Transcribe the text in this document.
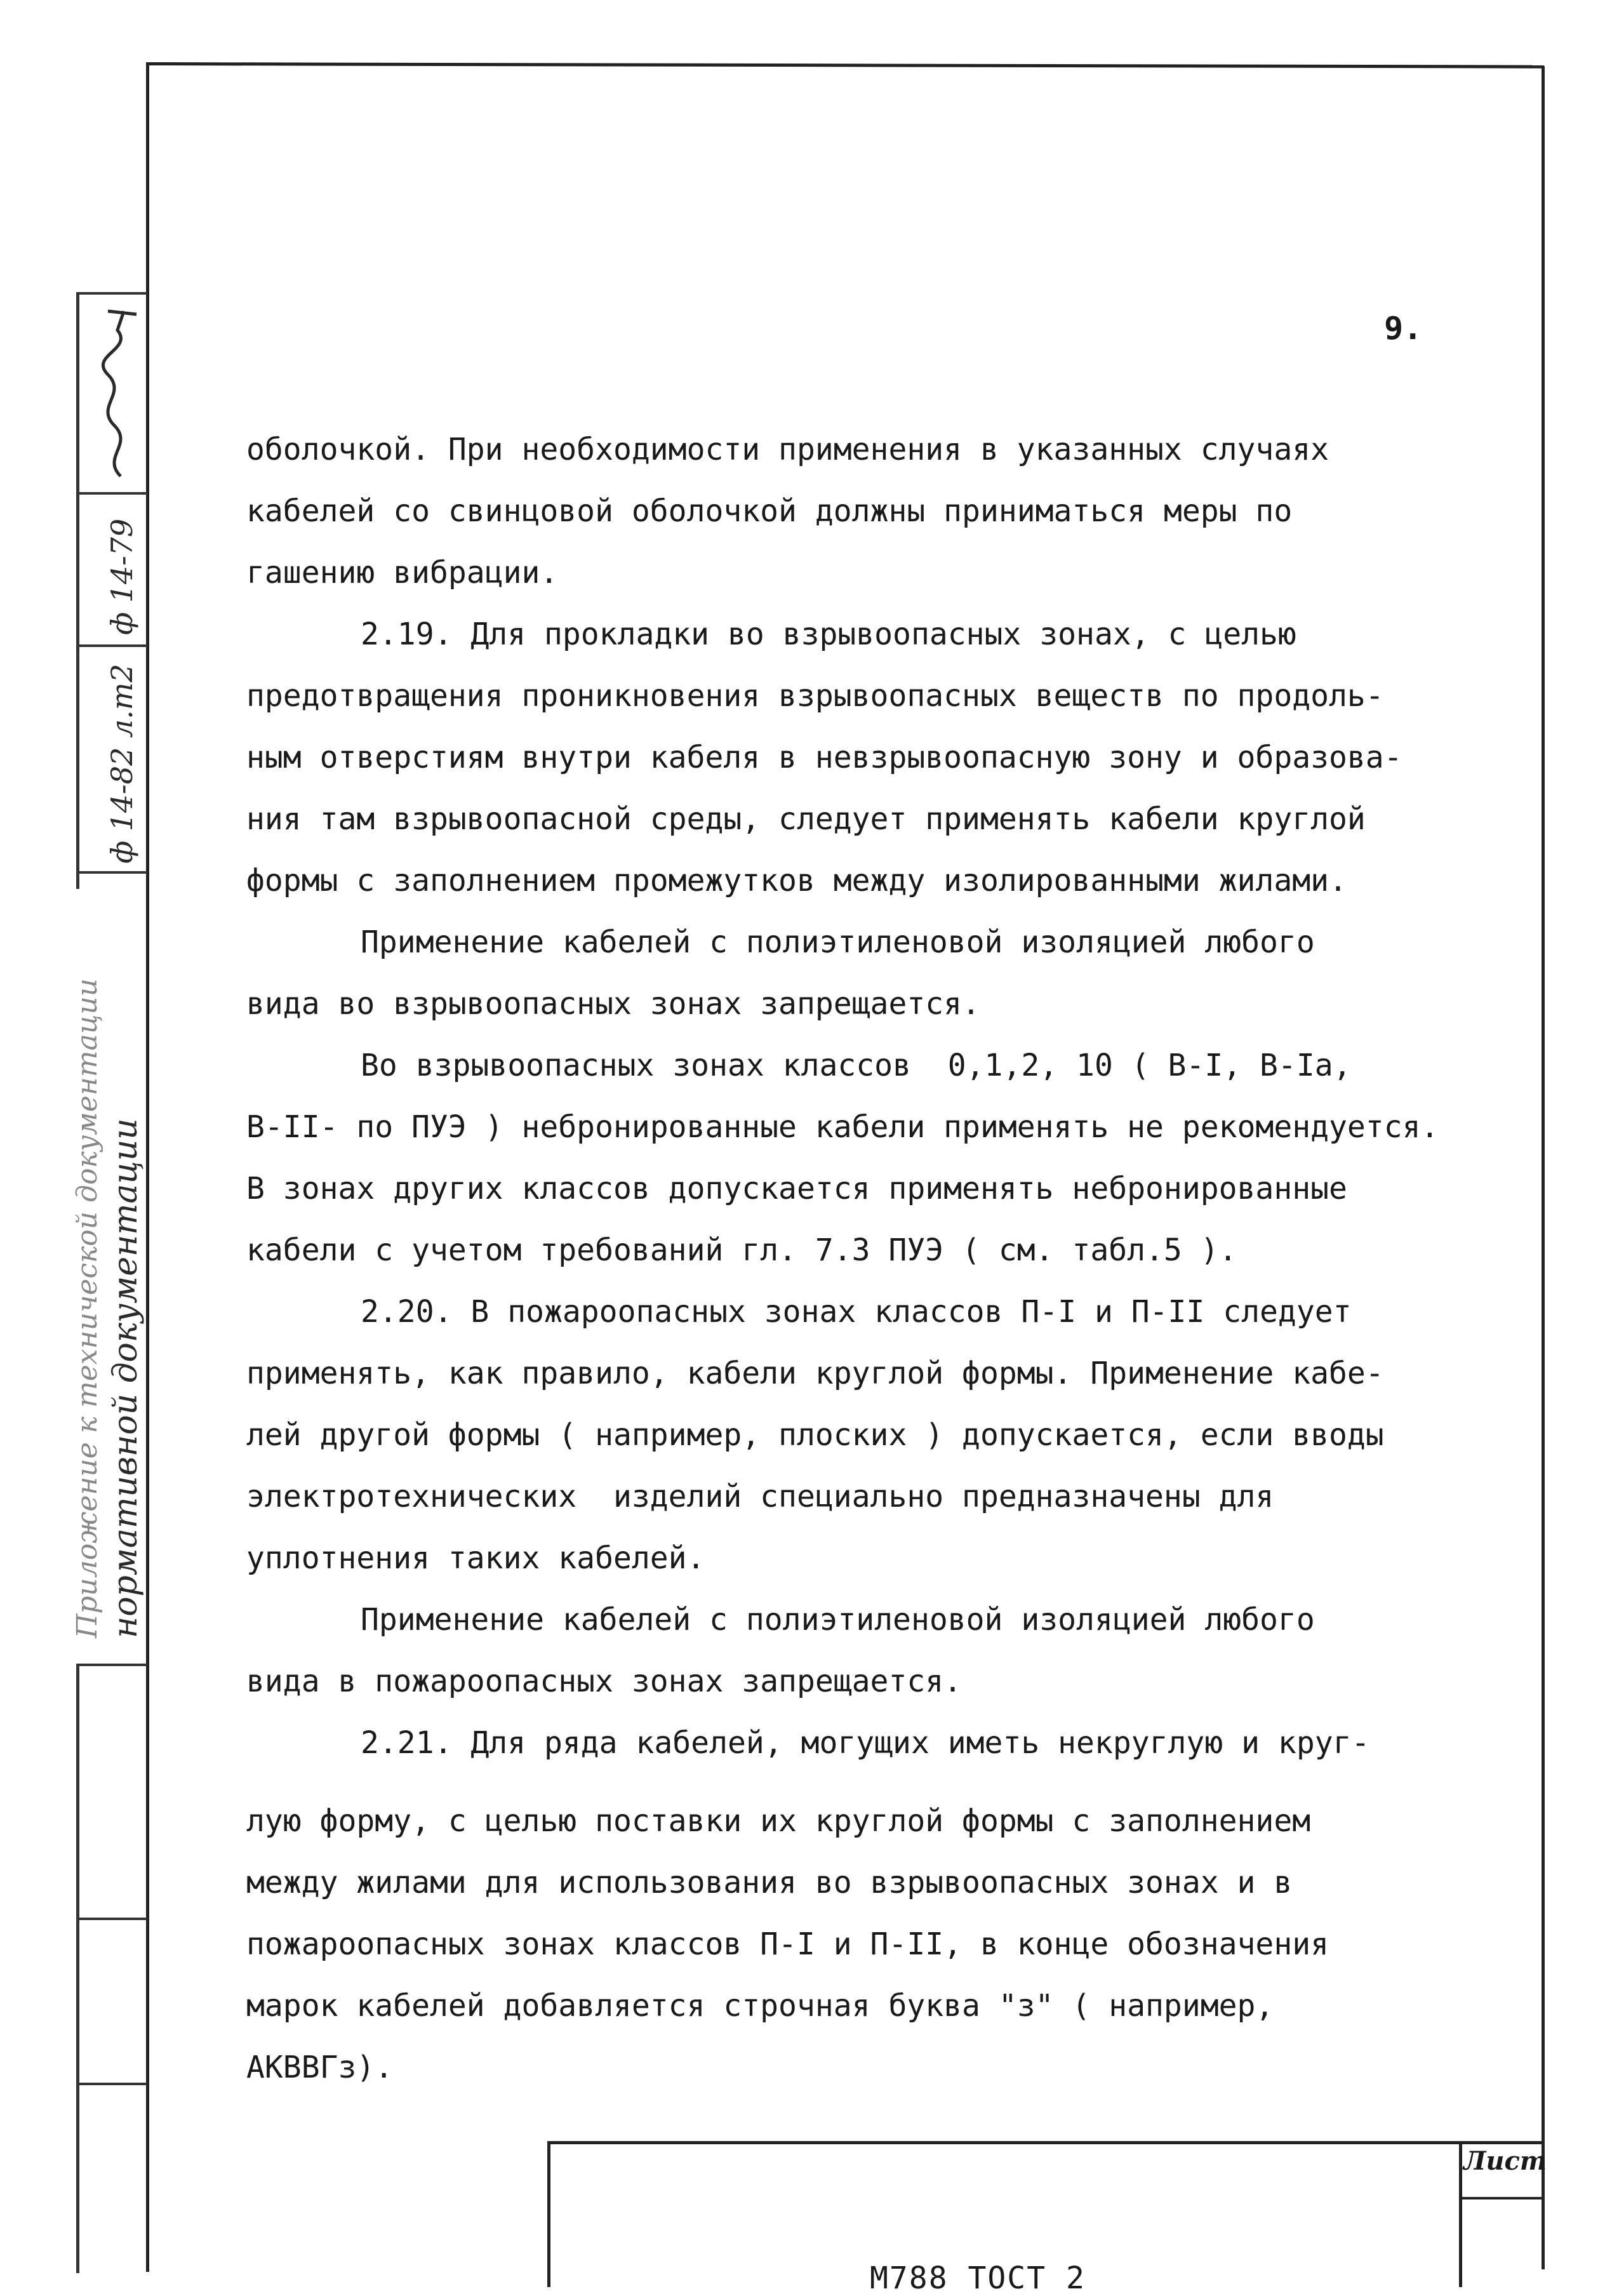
ф 14-82 л.т2
ф 14-79
нормативной документации
Приложение к технической документации
9.

оболочкой. При необходимости применения в указанных случаях

кабелей со свинцовой оболочкой должны приниматься меры по

гашению вибрации.

2.19. Для прокладки во взрывоопасных зонах, с целью

предотвращения проникновения взрывоопасных веществ по продоль-

ным отверстиям внутри кабеля в невзрывоопасную зону и образова-

ния там взрывоопасной среды, следует применять кабели круглой

формы с заполнением промежутков между изолированными жилами.

Применение кабелей с полиэтиленовой изоляцией любого

вида во взрывоопасных зонах запрещается.

Во взрывоопасных зонах классов  0,1,2, 10 ( В-I, В-Iа,

В-II- по ПУЭ ) небронированные кабели применять не рекомендуется.

В зонах других классов допускается применять небронированные

кабели с учетом требований гл. 7.3 ПУЭ ( см. табл.5 ).

2.20. В пожароопасных зонах классов П-I и П-II следует

применять, как правило, кабели круглой формы. Применение кабе-

лей другой формы ( например, плоских ) допускается, если вводы

электротехнических  изделий специально предназначены для

уплотнения таких кабелей.

Применение кабелей с полиэтиленовой изоляцией любого

вида в пожароопасных зонах запрещается.

2.21. Для ряда кабелей, могущих иметь некруглую и круг-

лую форму, с целью поставки их круглой формы с заполнением

между жилами для использования во взрывоопасных зонах и в

пожароопасных зонах классов П-I и П-II, в конце обозначения

марок кабелей добавляется строчная буква "з" ( например,

АКВВГз).

Лист
М788 ТОСТ 2
